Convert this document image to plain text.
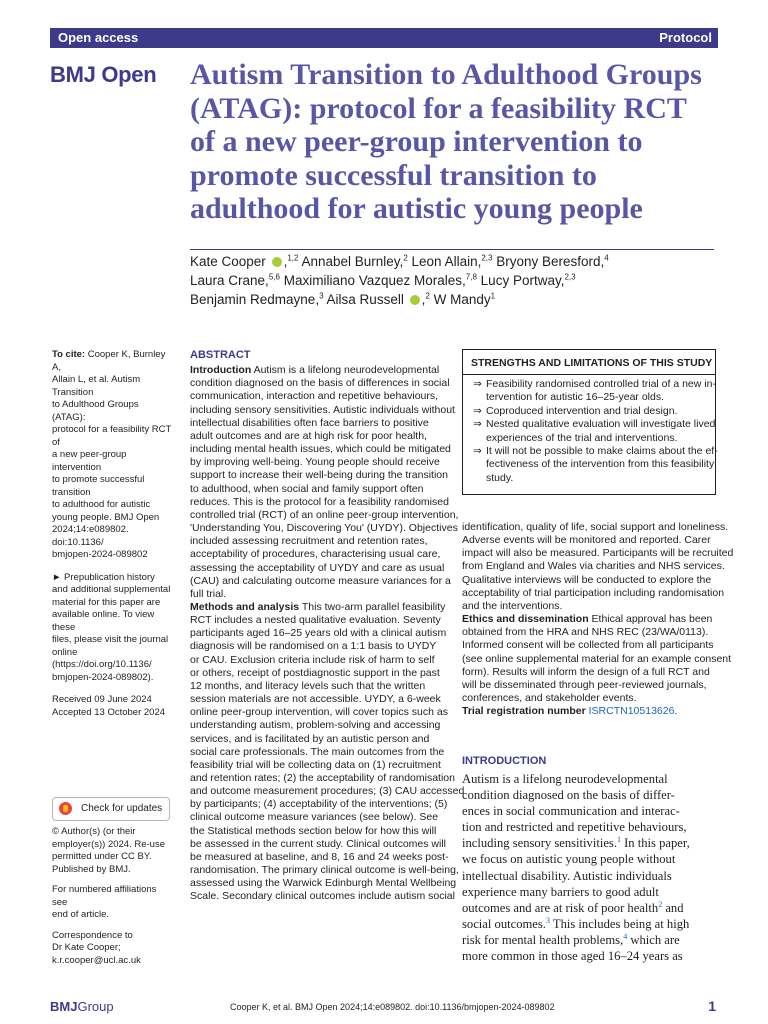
Open access	Protocol
BMJ Open Autism Transition to Adulthood Groups
(ATAG): protocol for a feasibility RCT
of a new peer-group intervention to
promote successful transition to
adulthood for autistic young people
Kate Cooper ,$^{1,2}$ Annabel Burnley,$^2$ Leon Allain,$^{2,3}$ Bryony Beresford,$^4$
Laura Crane,$^{5,6}$ Maximiliano Vazquez Morales,$^{7,8}$ Lucy Portway,$^{2,3}$
Benjamin Redmayne,$^3$ Ailsa Russell ,$^2$ W Mandy$^1$
To cite: Cooper K, Burnley A,
Allain L, et al. Autism Transition
to Adulthood Groups (ATAG):
protocol for a feasibility RCT of
a new peer-group intervention
to promote successful transition
to adulthood for autistic
young people. BMJ Open
2024;14:e089802. doi:10.1136/
bmjopen-2024-089802
► Prepublication history
and additional supplemental
material for this paper are
available online. To view these
files, please visit the journal
online (https://doi.org/10.1136/
bmjopen-2024-089802).
Received 09 June 2024
Accepted 13 October 2024
Check for updates
© Author(s) (or their
employer(s)) 2024. Re-use
permitted under CC BY.
Published by BMJ.
For numbered affiliations see
end of article.
Correspondence to
Dr Kate Cooper;
k.r.cooper@ucl.ac.uk
ABSTRACT
Introduction Autism is a lifelong neurodevelopmental
condition diagnosed on the basis of differences in social
communication, interaction and repetitive behaviours,
including sensory sensitivities. Autistic individuals without
intellectual disabilities often face barriers to positive
adult outcomes and are at high risk for poor health,
including mental health issues, which could be mitigated
by improving well-being. Young people should receive
support to increase their well-being during the transition
to adulthood, when social and family support often
reduces. This is the protocol for a feasibility randomised
controlled trial (RCT) of an online peer-group intervention,
'Understanding You, Discovering You' (UYDY). Objectives
included assessing recruitment and retention rates,
acceptability of procedures, characterising usual care,
assessing the acceptability of UYDY and care as usual
(CAU) and calculating outcome measure variances for a
full trial.
Methods and analysis This two-arm parallel feasibility
RCT includes a nested qualitative evaluation. Seventy
participants aged 16–25 years old with a clinical autism
diagnosis will be randomised on a 1:1 basis to UYDY
or CAU. Exclusion criteria include risk of harm to self
or others, receipt of postdiagnostic support in the past
12 months, and literacy levels such that the written
session materials are not accessible. UYDY, a 6-week
online peer-group intervention, will cover topics such as
understanding autism, problem-solving and accessing
services, and is facilitated by an autistic person and
social care professionals. The main outcomes from the
feasibility trial will be collecting data on (1) recruitment
and retention rates; (2) the acceptability of randomisation
and outcome measurement procedures; (3) CAU accessed
by participants; (4) acceptability of the interventions; (5)
clinical outcome measure variances (see below). See
the Statistical methods section below for how this will
be assessed in the current study. Clinical outcomes will
be measured at baseline, and 8, 16 and 24 weeks post-
randomisation. The primary clinical outcome is well-being,
assessed using the Warwick Edinburgh Mental Wellbeing
Scale. Secondary clinical outcomes include autism social
STRENGTHS AND LIMITATIONS OF THIS STUDY
⇒ Feasibility randomised controlled trial of a new in-
tervention for autistic 16–25-year olds.
⇒ Coproduced intervention and trial design.
⇒ Nested qualitative evaluation will investigate lived
experiences of the trial and interventions.
⇒ It will not be possible to make claims about the ef-
fectiveness of the intervention from this feasibility
study.
identification, quality of life, social support and loneliness.
Adverse events will be monitored and reported. Carer
impact will also be measured. Participants will be recruited
from England and Wales via charities and NHS services.
Qualitative interviews will be conducted to explore the
acceptability of trial participation including randomisation
and the interventions.
Ethics and dissemination Ethical approval has been
obtained from the HRA and NHS REC (23/WA/0113).
Informed consent will be collected from all participants
(see online supplemental material for an example consent
form). Results will inform the design of a full RCT and
will be disseminated through peer-reviewed journals,
conferences, and stakeholder events.
Trial registration number ISRCTN10513626.
INTRODUCTION
Autism is a lifelong neurodevelopmental
condition diagnosed on the basis of differ-
ences in social communication and interac-
tion and restricted and repetitive behaviours,
including sensory sensitivities.$^1$ In this paper,
we focus on autistic young people without
intellectual disability. Autistic individuals
experience many barriers to good adult
outcomes and are at risk of poor health$^2$ and
social outcomes.$^3$ This includes being at high
risk for mental health problems,$^4$ which are
more common in those aged 16–24 years as
BMJGroup	Cooper K, et al. BMJ Open 2024;14:e089802. doi:10.1136/bmjopen-2024-089802	1
